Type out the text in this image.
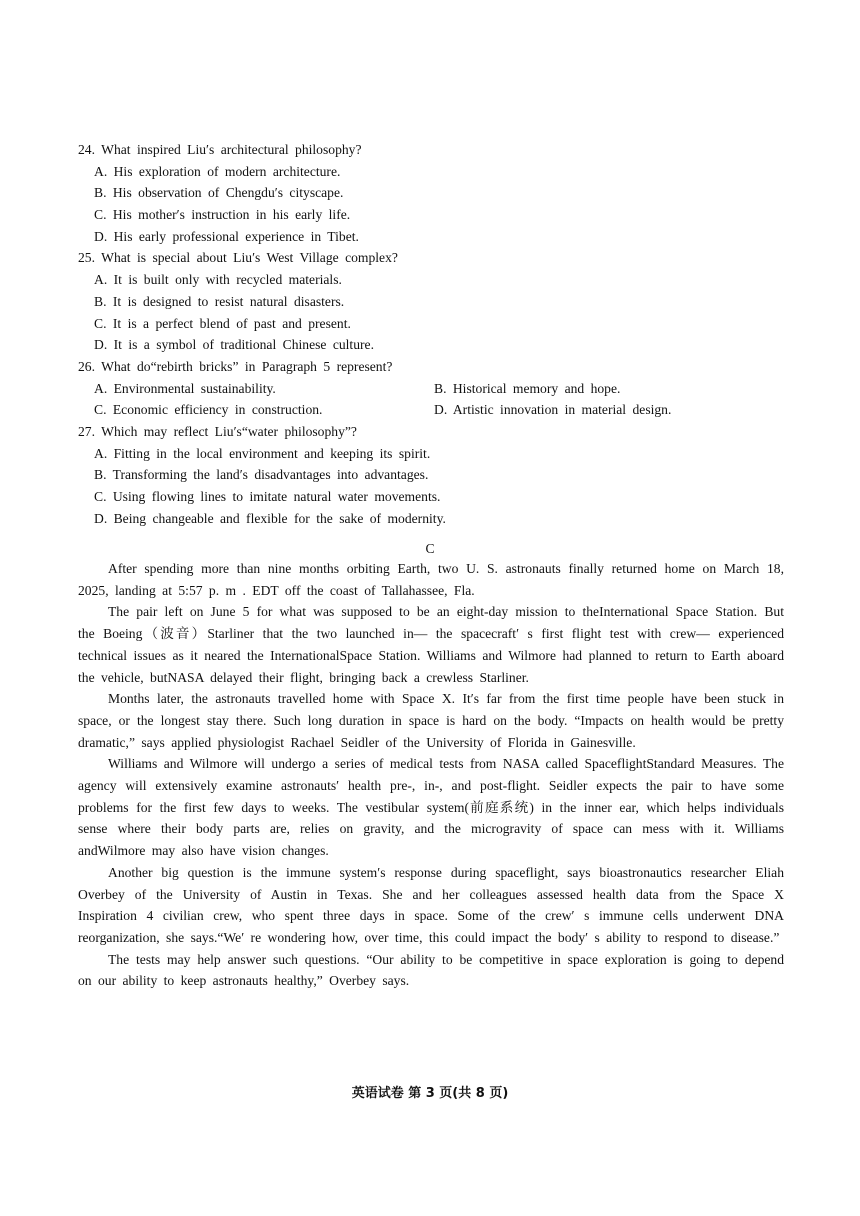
24. What inspired Liu′s architectural philosophy?
A. His exploration of modern architecture.
B. His observation of Chengdu′s cityscape.
C. His mother′s instruction in his early life.
D. His early professional experience in Tibet.
25. What is special about Liu′s West Village complex?
A. It is built only with recycled materials.
B. It is designed to resist natural disasters.
C. It is a perfect blend of past and present.
D. It is a symbol of traditional Chinese culture.
26. What do“rebirth bricks” in Paragraph 5 represent?
A. Environmental sustainability.	B. Historical memory and hope.
C. Economic efficiency in construction.	D. Artistic innovation in material design.
27. Which may reflect Liu′s“water philosophy”?
A. Fitting in the local environment and keeping its spirit.
B. Transforming the land′s disadvantages into advantages.
C. Using flowing lines to imitate natural water movements.
D. Being changeable and flexible for the sake of modernity.
C

After spending more than nine months orbiting Earth, two U. S. astronauts finally returned home on March 18, 2025, landing at 5:57 p. m . EDT off the coast of Tallahassee, Fla.

The pair left on June 5 for what was supposed to be an eight-day mission to theInternational Space Station. But the Boeing（波音）Starliner that the two launched in— the spacecraft′ s first flight test with crew— experienced technical issues as it neared the InternationalSpace Station. Williams and Wilmore had planned to return to Earth aboard the vehicle, butNASA delayed their flight, bringing back a crewless Starliner.

Months later, the astronauts travelled home with Space X. It′s far from the first time people have been stuck in space, or the longest stay there. Such long duration in space is hard on the body. “Impacts on health would be pretty dramatic,” says applied physiologist Rachael Seidler of the University of Florida in Gainesville.

Williams and Wilmore will undergo a series of medical tests from NASA called SpaceflightStandard Measures. The agency will extensively examine astronauts′ health pre-, in-, and post-flight. Seidler expects the pair to have some problems for the first few days to weeks. The vestibular system(前庭系统) in the inner ear, which helps individuals sense where their body parts are, relies on gravity, and the microgravity of space can mess with it. Williams andWilmore may also have vision changes.

Another big question is the immune system′s response during spaceflight, says bioastronautics researcher Eliah Overbey of the University of Austin in Texas. She and her colleagues assessed health data from the Space X Inspiration 4 civilian crew, who spent three days in space. Some of the crew′ s immune cells underwent DNA reorganization, she says.“We′ re wondering how, over time, this could impact the body′ s ability to respond to disease.”

The tests may help answer such questions. “Our ability to be competitive in space exploration is going to depend on our ability to keep astronauts healthy,” Overbey says.

英语试卷 第 3 页(共 8 页)
